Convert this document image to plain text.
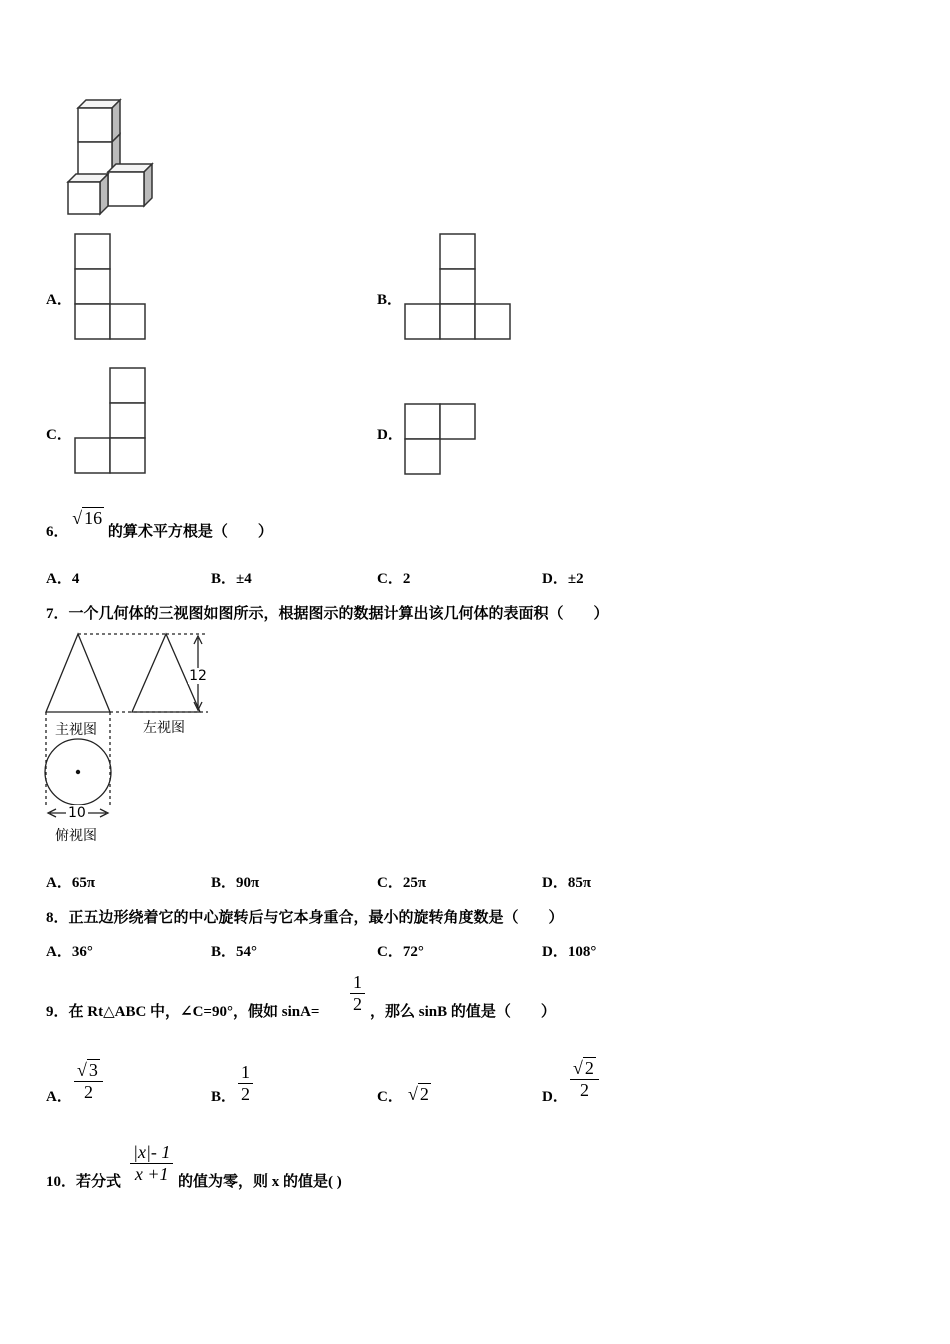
A．	B．
C．	D．
6． √ 16 的算术平方根是（　　）
A．4	B．±4	C．2	D．±2
7．一个几何体的三视图如图所示，根据图示的数据计算出该几何体的表面积（　　）
12
主视图	左视图
10
俯视图
A．65π	B．90π	C．25π	D．85π
8．正五边形绕着它的中心旋转后与它本身重合，最小的旋转角度数是（　　）
A．36°	B．54°	C．72°	D．108°
9．在 Rt△ABC 中，∠C=90°，假如 sinA=
1
2 ，那么 sinB 的值是（　　）
A．
√ 3
2	B．
1
2	C． √ 2	D．
√ 2
2
10．若分式
|x|- 1
x +1 的值为零，则 x 的值是( )
